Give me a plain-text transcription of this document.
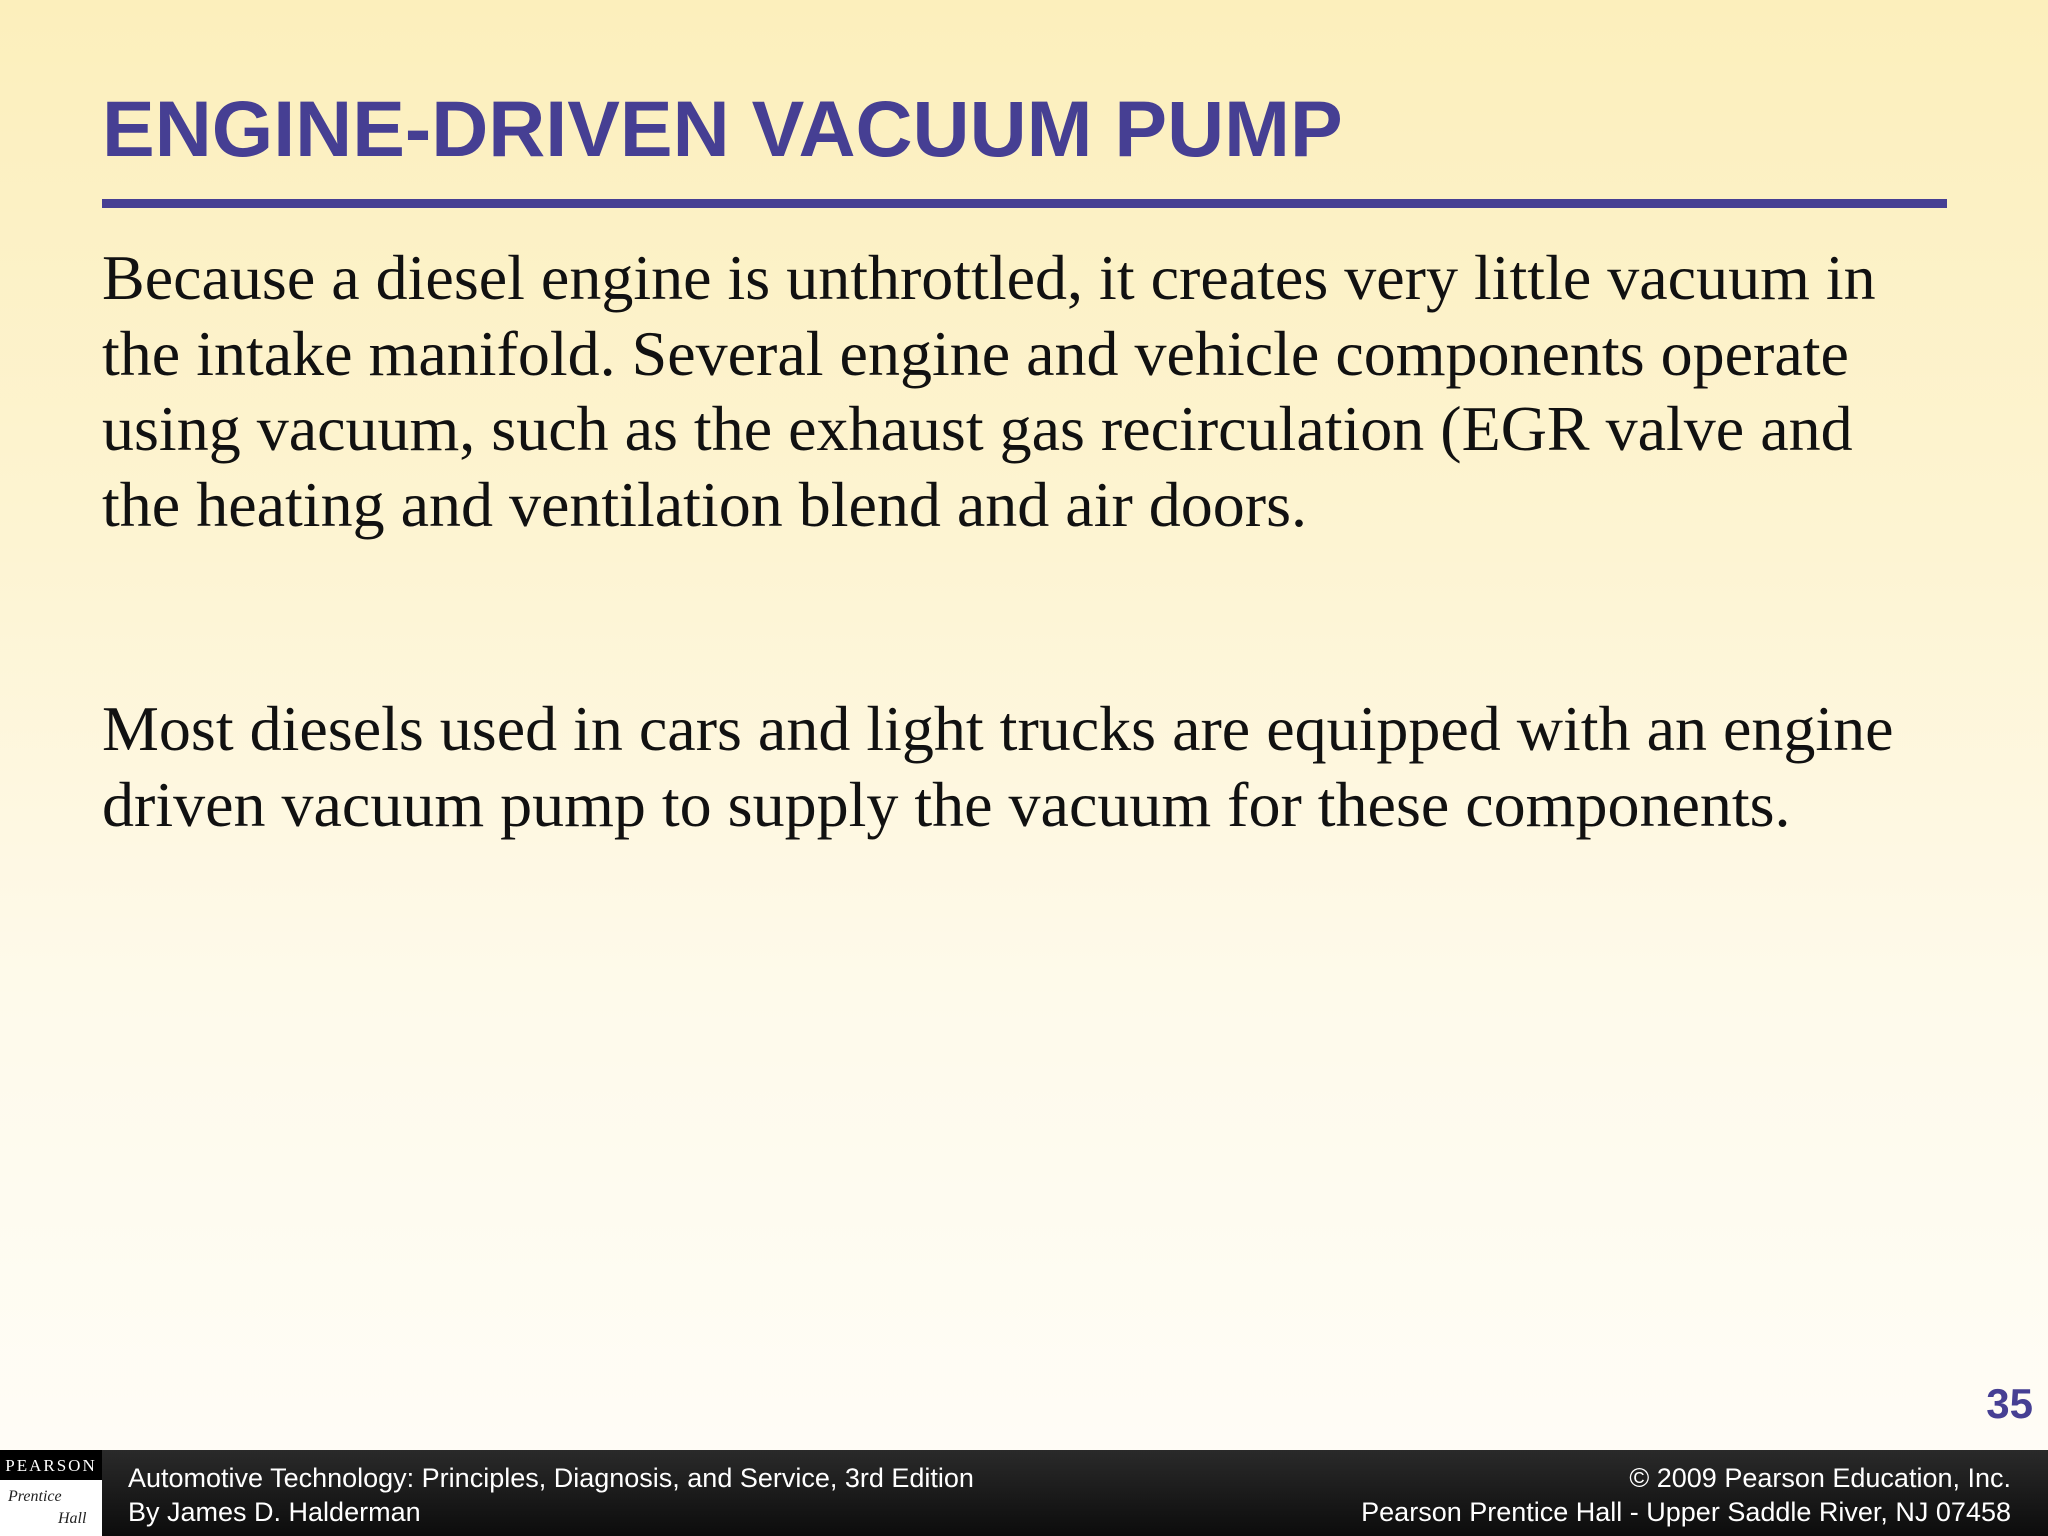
ENGINE-DRIVEN VACUUM PUMP

Because a diesel engine is unthrottled, it creates very little vacuum in the intake manifold. Several engine and vehicle components operate using vacuum, such as the exhaust gas recirculation (EGR valve and the heating and ventilation blend and air doors.

Most diesels used in cars and light trucks are equipped with an engine driven vacuum pump to supply the vacuum for these components.

35
PEARSON
Prentice
Hall
Automotive Technology: Principles, Diagnosis, and Service, 3rd Edition
By James D. Halderman
© 2009 Pearson Education, Inc.
Pearson Prentice Hall - Upper Saddle River, NJ 07458
